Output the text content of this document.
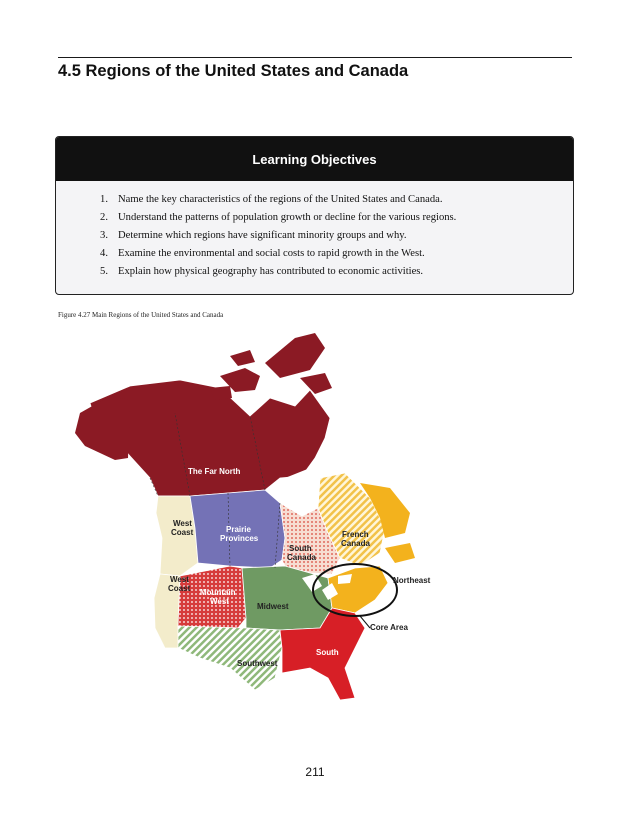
4.5 Regions of the United States and Canada
Learning Objectives
1. Name the key characteristics of the regions of the United States and Canada.
2. Understand the patterns of population growth or decline for the various regions.
3. Determine which regions have significant minority groups and why.
4. Examine the environmental and social costs to rapid growth in the West.
5. Explain how physical geography has contributed to economic activities.
Figure 4.27 Main Regions of the United States and Canada
The Far North
West
Coast	Prairie
Provinces
South
Canada
French
Canada
West
Coast Mountain
West
Midwest
Northeast
Core Area
South
Southwest
211
